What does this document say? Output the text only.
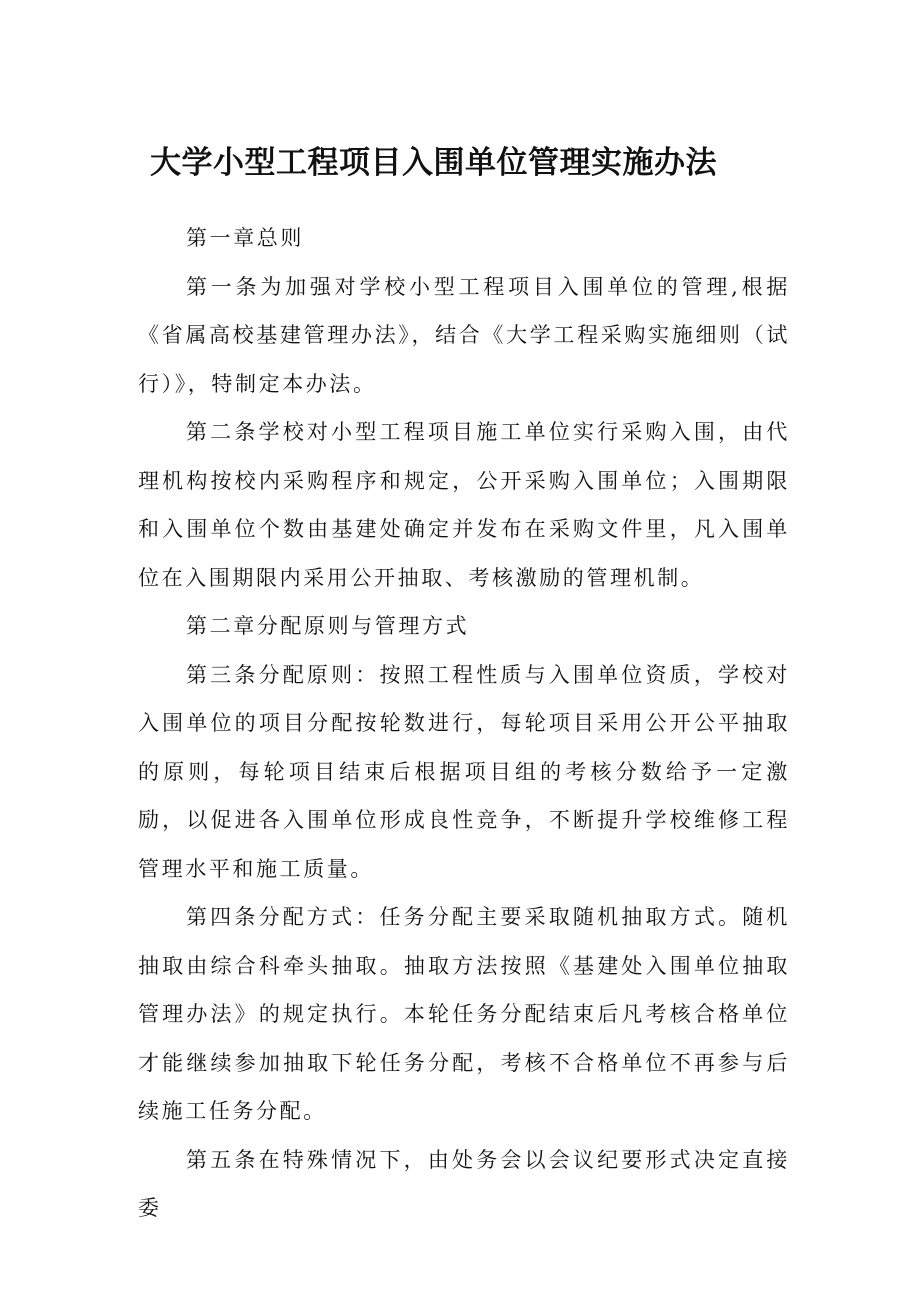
大学小型工程项目入围单位管理实施办法

第一章总则

第一条为加强对学校小型工程项目入围单位的管理,根据《省属高校基建管理办法》，结合《大学工程采购实施细则（试行）》，特制定本办法。

第二条学校对小型工程项目施工单位实行采购入围，由代理机构按校内采购程序和规定，公开采购入围单位；入围期限和入围单位个数由基建处确定并发布在采购文件里，凡入围单位在入围期限内采用公开抽取、考核激励的管理机制。

第二章分配原则与管理方式

第三条分配原则：按照工程性质与入围单位资质，学校对入围单位的项目分配按轮数进行，每轮项目采用公开公平抽取的原则，每轮项目结束后根据项目组的考核分数给予一定激励，以促进各入围单位形成良性竞争，不断提升学校维修工程管理水平和施工质量。

第四条分配方式：任务分配主要采取随机抽取方式。随机抽取由综合科牵头抽取。抽取方法按照《基建处入围单位抽取管理办法》的规定执行。本轮任务分配结束后凡考核合格单位才能继续参加抽取下轮任务分配，考核不合格单位不再参与后续施工任务分配。

第五条在特殊情况下，由处务会以会议纪要形式决定直接委
